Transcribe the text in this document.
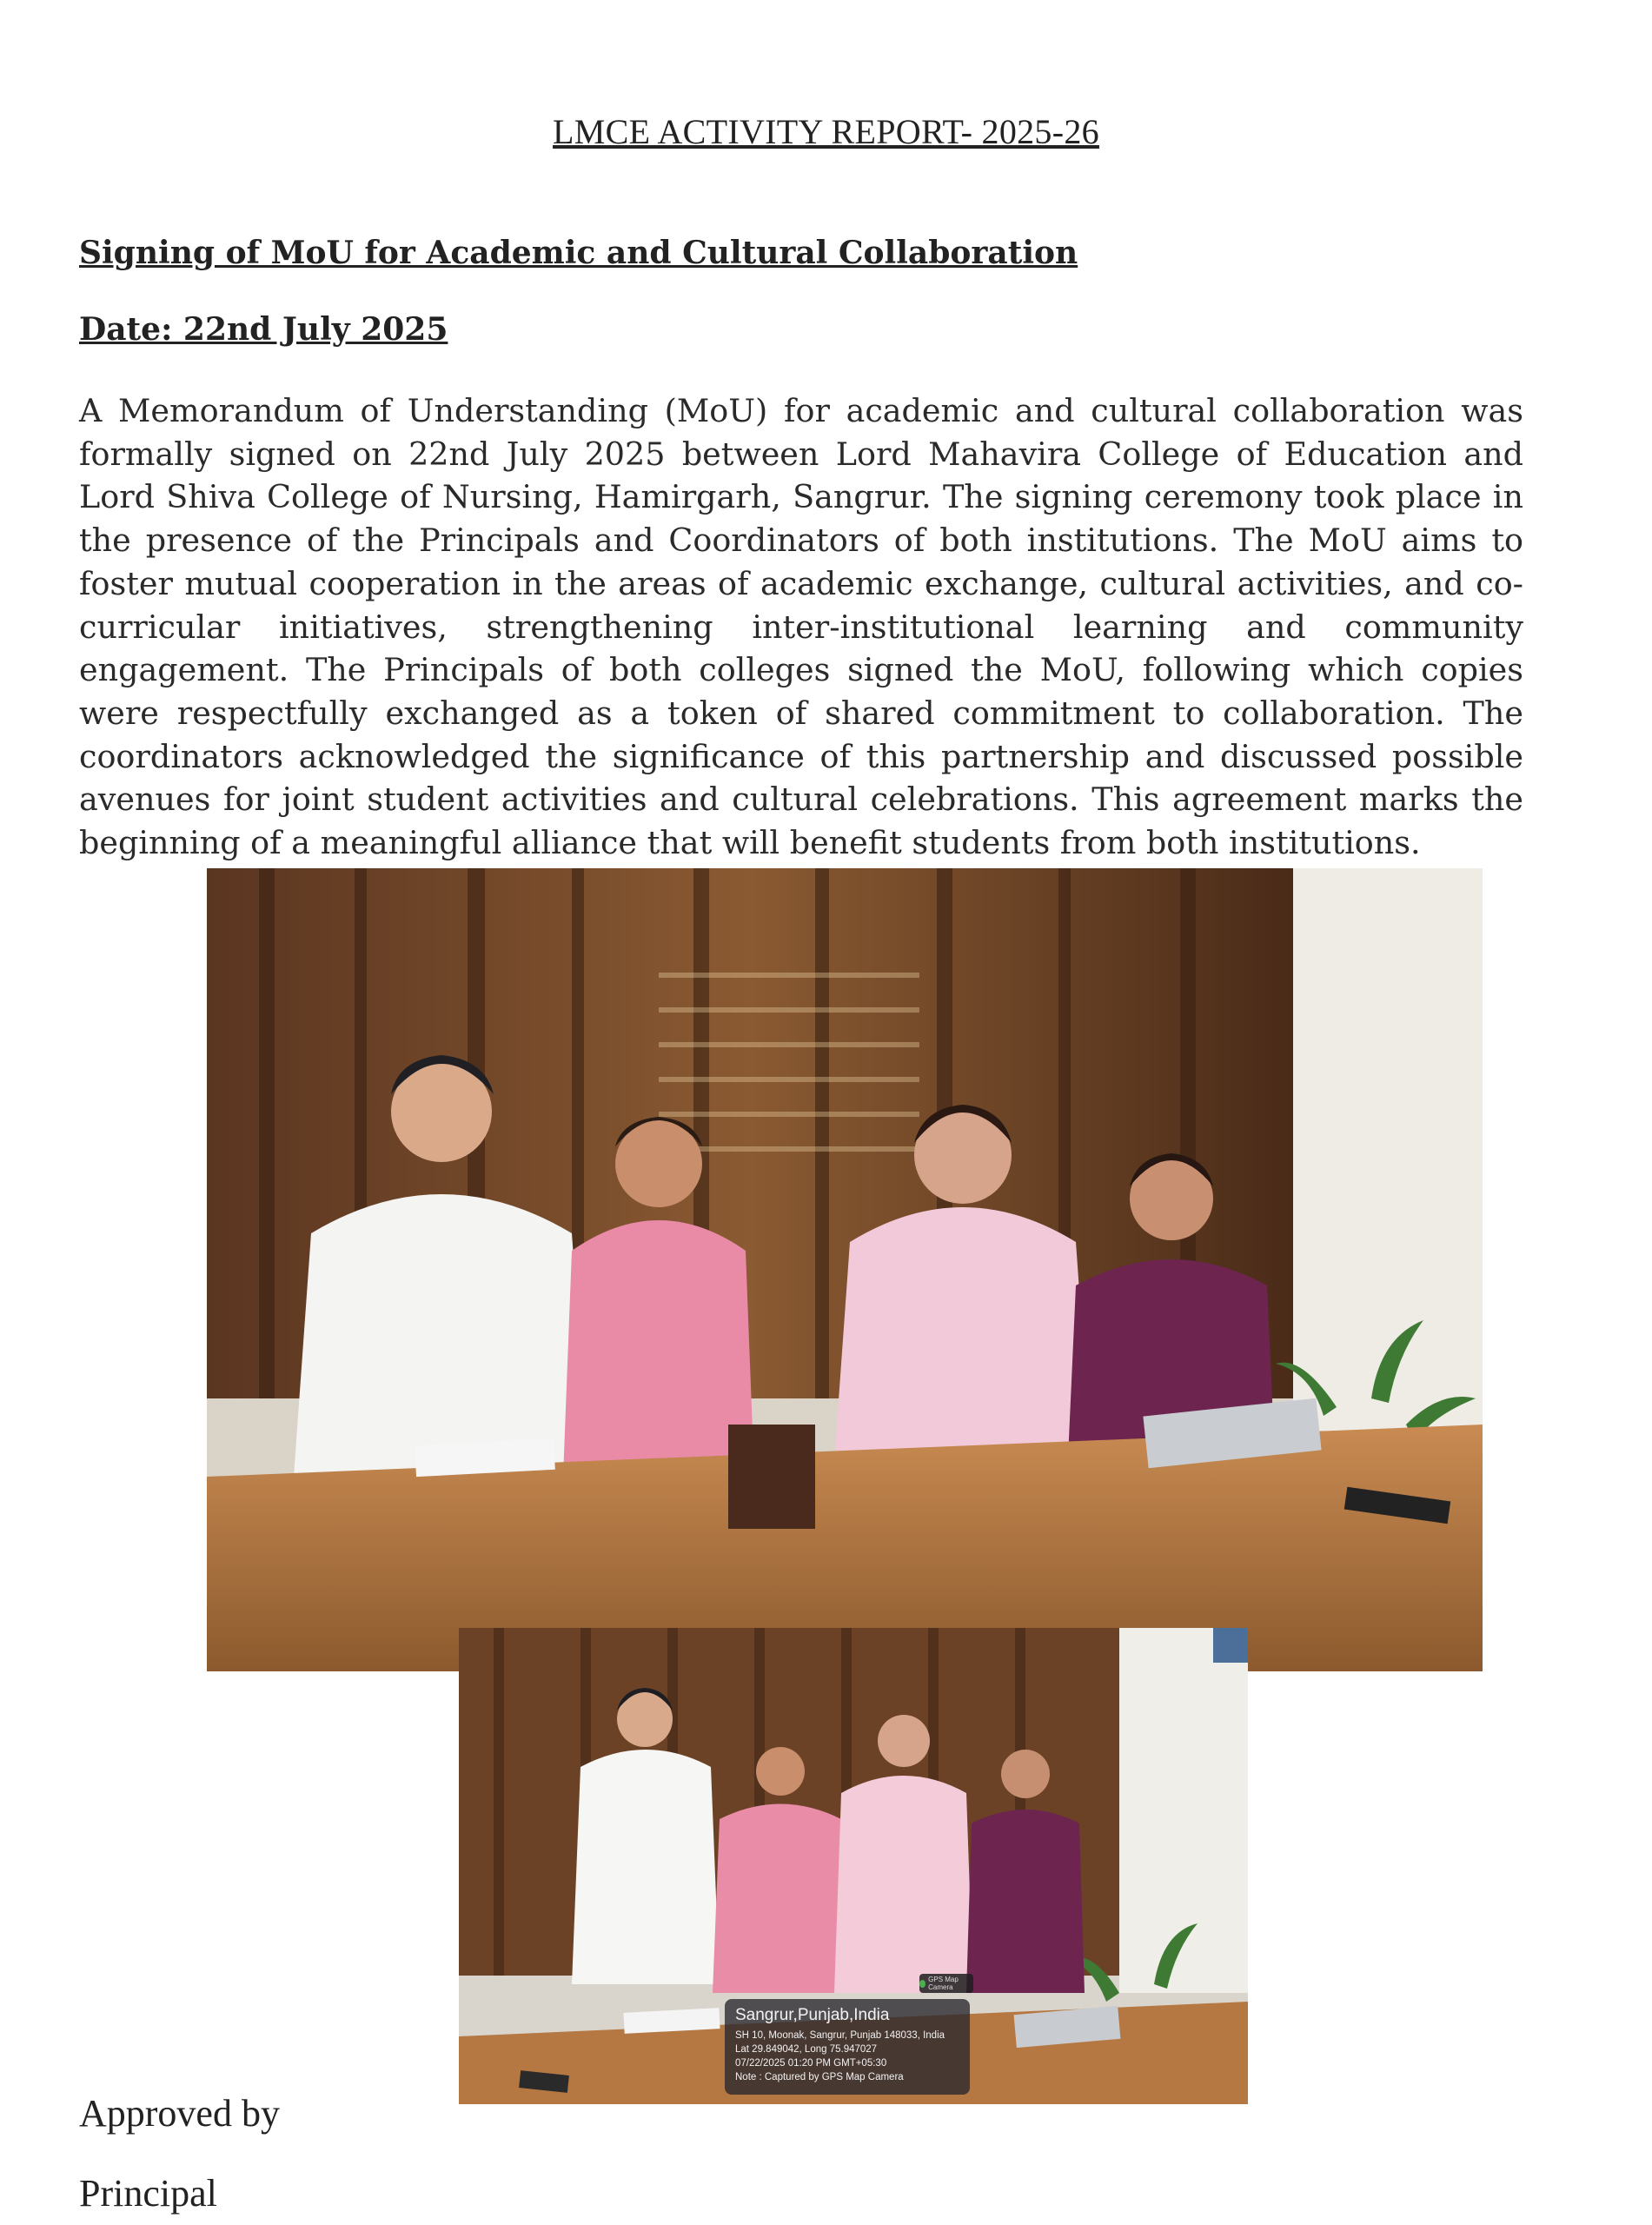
LMCE ACTIVITY REPORT- 2025-26
Signing of MoU for Academic and Cultural Collaboration
Date: 22nd July 2025

A Memorandum of Understanding (MoU) for academic and cultural collaboration was formally signed on 22nd July 2025 between Lord Mahavira College of Education and Lord Shiva College of Nursing, Hamirgarh, Sangrur. The signing ceremony took place in the presence of the Principals and Coordinators of both institutions. The MoU aims to foster mutual cooperation in the areas of academic exchange, cultural activities, and co-curricular initiatives, strengthening inter-institutional learning and community engagement. The Principals of both colleges signed the MoU, following which copies were respectfully exchanged as a token of shared commitment to collaboration. The coordinators acknowledged the significance of this partnership and discussed possible avenues for joint student activities and cultural celebrations. This agreement marks the beginning of a meaningful alliance that will benefit students from both institutions.

GPS Map Camera
Sangrur,Punjab,India
SH 10, Moonak, Sangrur, Punjab 148033, India
Lat 29.849042, Long 75.947027
07/22/2025 01:20 PM GMT+05:30
Note : Captured by GPS Map Camera

Approved by

Principal
